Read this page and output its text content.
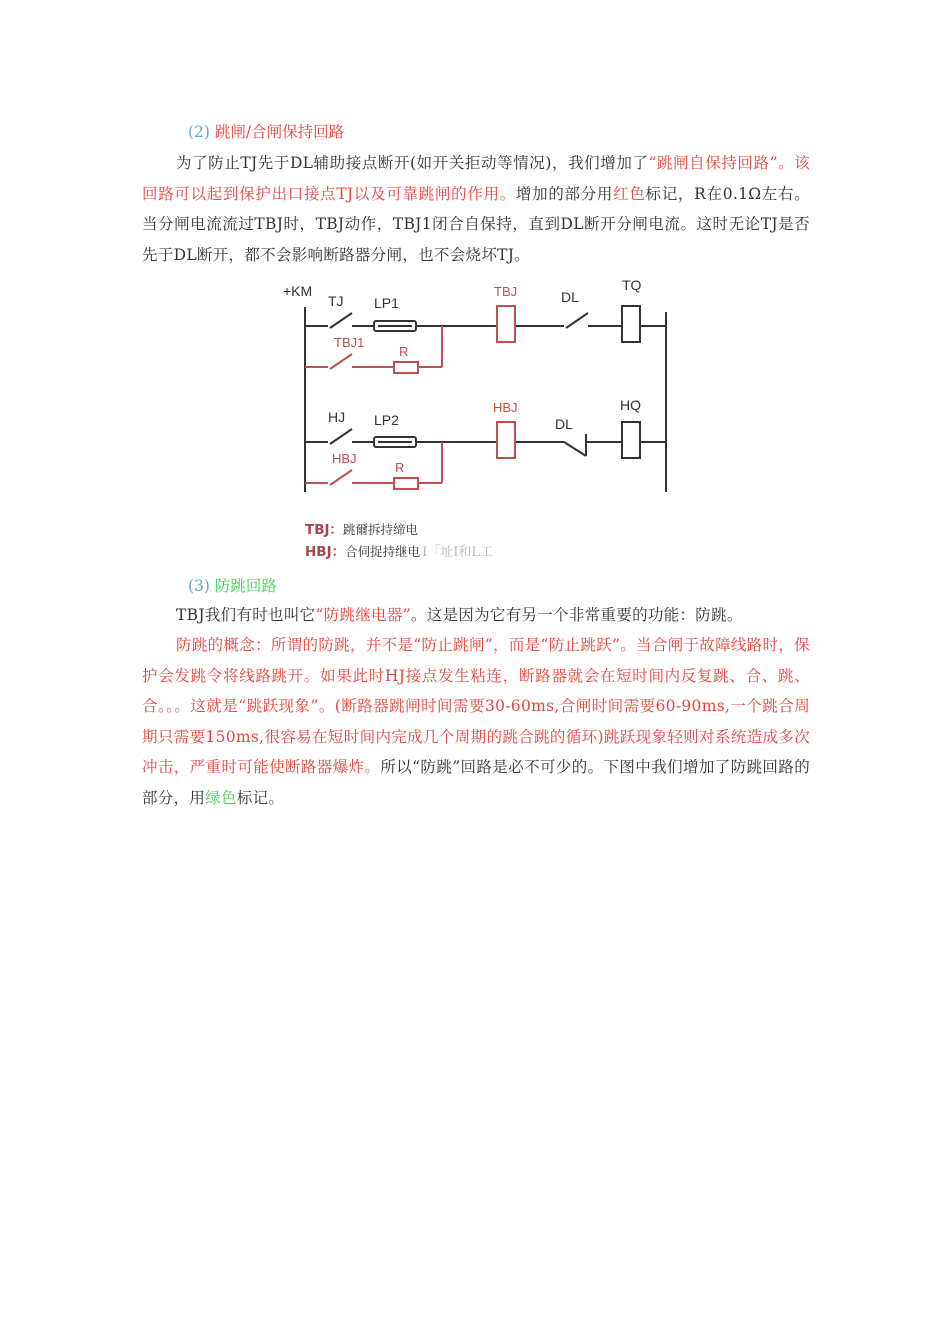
(2) 跳闸/合闸保持回路
为了防止TJ先于DL辅助接点断开(如开关拒动等情况)，我们增加了“跳闸自保持回路”。该回路可以起到保护出口接点TJ以及可靠跳闸的作用。增加的部分用红色标记，R在0.1Ω左右。当分闸电流流过TBJ时，TBJ动作，TBJ1闭合自保持，直到DL断开分闸电流。这时无论TJ是否先于DL断开，都不会影响断路器分闸，也不会烧坏TJ。
+KM
TJ LP1	DL
TQ
HJ LP2	DL
HQ
TBJ
TBJ1
R
HBJ
HBJ
R
TBJ：跳爾拆持缔电
HBJ：合伺捉持继电 I「址I和L工
(3) 防跳回路
TBJ我们有时也叫它“防跳继电器”。这是因为它有另一个非常重要的功能：防跳。
防跳的概念：所谓的防跳，并不是“防止跳闸”，而是“防止跳跃”。当合闸于故障线路时，保护会发跳令将线路跳开。如果此时HJ接点发生粘连，断路器就会在短时间内反复跳、合、跳、合。。。这就是“跳跃现象”。(断路器跳闸时间需要30-60ms,合闸时间需要60-90ms,一个跳合周期只需要150ms,很容易在短时间内完成几个周期的跳合跳的循环)跳跃现象轻则对系统造成多次冲击，严重时可能使断路器爆炸。所以“防跳”回路是必不可少的。下图中我们增加了防跳回路的部分，用绿色标记。
